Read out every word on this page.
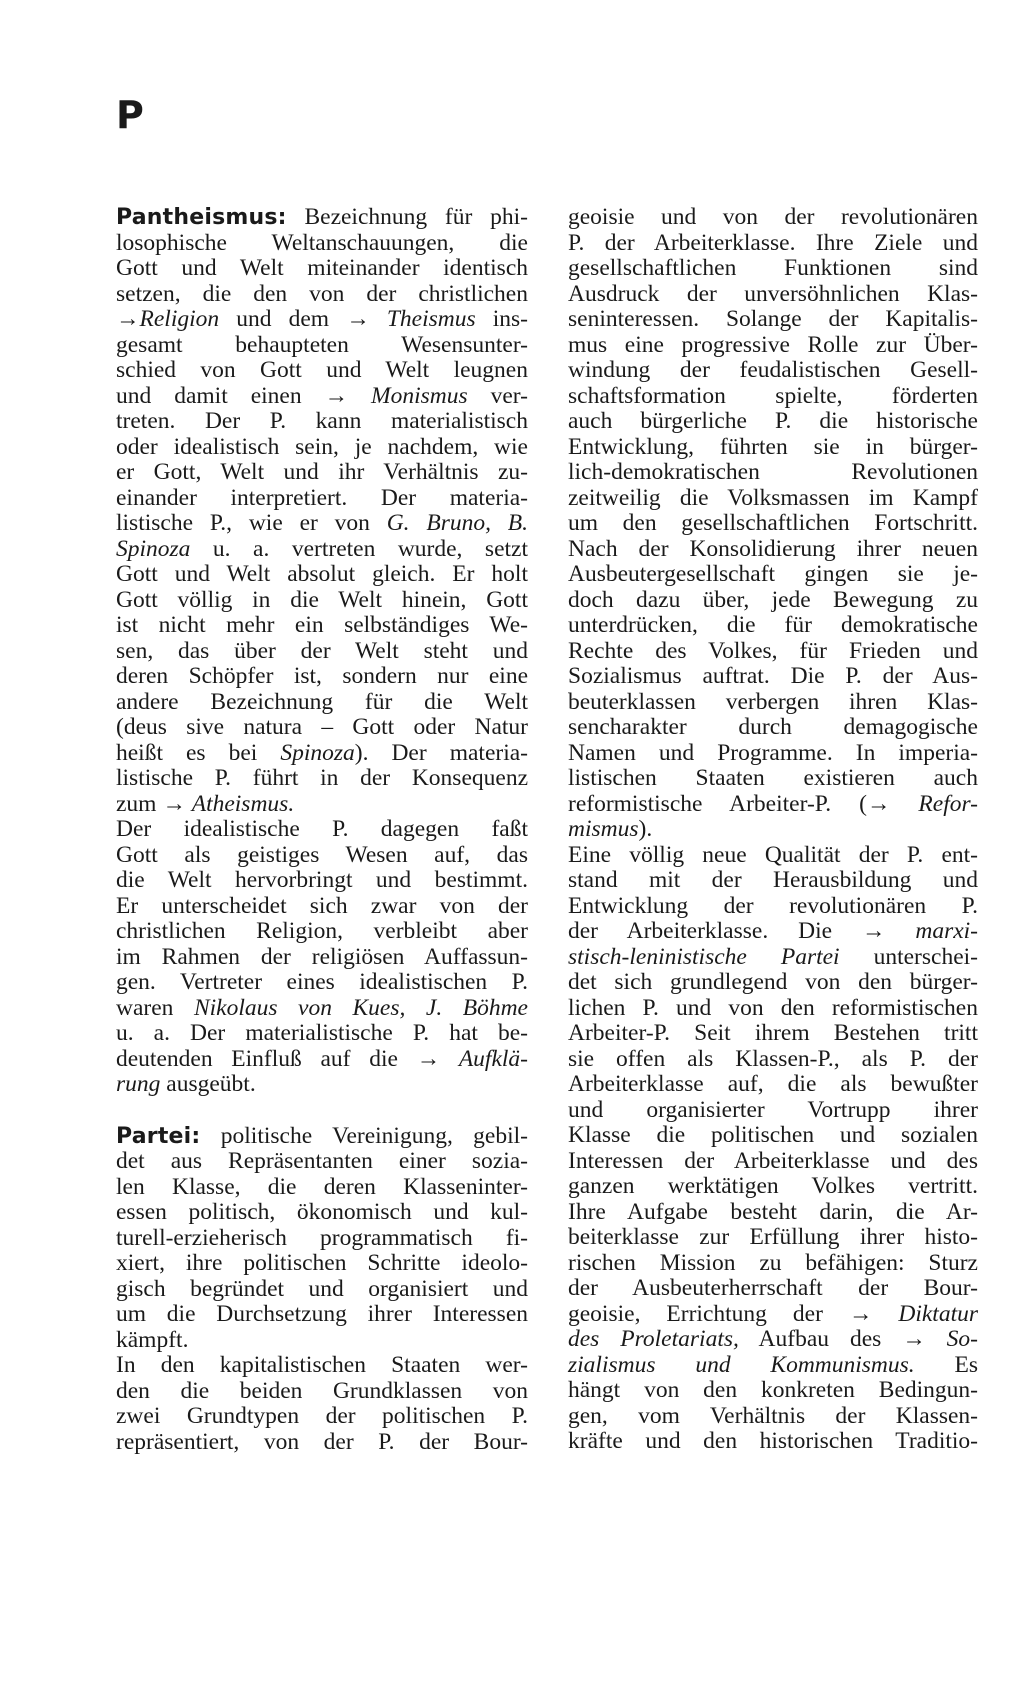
P
Pantheismus: Bezeichnung für phi-
losophische Weltanschauungen, die
Gott und Welt miteinander identisch
setzen, die den von der christlichen
→Religion und dem → Theismus ins-
gesamt behaupteten Wesensunter-
schied von Gott und Welt leugnen
und damit einen → Monismus ver-
treten. Der P. kann materialistisch
oder idealistisch sein, je nachdem, wie
er Gott, Welt und ihr Verhältnis zu-
einander interpretiert. Der materia-
listische P., wie er von G. Bruno, B.
Spinoza u. a. vertreten wurde, setzt
Gott und Welt absolut gleich. Er holt
Gott völlig in die Welt hinein, Gott
ist nicht mehr ein selbständiges We-
sen, das über der Welt steht und
deren Schöpfer ist, sondern nur eine
andere Bezeichnung für die Welt
(deus sive natura – Gott oder Natur
heißt es bei Spinoza). Der materia-
listische P. führt in der Konsequenz
zum → Atheismus.
Der idealistische P. dagegen faßt
Gott als geistiges Wesen auf, das
die Welt hervorbringt und bestimmt.
Er unterscheidet sich zwar von der
christlichen Religion, verbleibt aber
im Rahmen der religiösen Auffassun-
gen. Vertreter eines idealistischen P.
waren Nikolaus von Kues, J. Böhme
u. a. Der materialistische P. hat be-
deutenden Einfluß auf die → Aufklä-
rung ausgeübt.
Partei: politische Vereinigung, gebil-
det aus Repräsentanten einer sozia-
len Klasse, die deren Klasseninter-
essen politisch, ökonomisch und kul-
turell-erzieherisch programmatisch fi-
xiert, ihre politischen Schritte ideolo-
gisch begründet und organisiert und
um die Durchsetzung ihrer Interessen
kämpft.
In den kapitalistischen Staaten wer-
den die beiden Grundklassen von
zwei Grundtypen der politischen P.
repräsentiert, von der P. der Bour-
geoisie und von der revolutionären
P. der Arbeiterklasse. Ihre Ziele und
gesellschaftlichen Funktionen sind
Ausdruck der unversöhnlichen Klas-
seninteressen. Solange der Kapitalis-
mus eine progressive Rolle zur Über-
windung der feudalistischen Gesell-
schaftsformation spielte, förderten
auch bürgerliche P. die historische
Entwicklung, führten sie in bürger-
lich-demokratischen Revolutionen
zeitweilig die Volksmassen im Kampf
um den gesellschaftlichen Fortschritt.
Nach der Konsolidierung ihrer neuen
Ausbeutergesellschaft gingen sie je-
doch dazu über, jede Bewegung zu
unterdrücken, die für demokratische
Rechte des Volkes, für Frieden und
Sozialismus auftrat. Die P. der Aus-
beuterklassen verbergen ihren Klas-
sencharakter durch demagogische
Namen und Programme. In imperia-
listischen Staaten existieren auch
reformistische Arbeiter-P. (→ Refor-
mismus).
Eine völlig neue Qualität der P. ent-
stand mit der Herausbildung und
Entwicklung der revolutionären P.
der Arbeiterklasse. Die → marxi-
stisch-leninistische Partei unterschei-
det sich grundlegend von den bürger-
lichen P. und von den reformistischen
Arbeiter-P. Seit ihrem Bestehen tritt
sie offen als Klassen-P., als P. der
Arbeiterklasse auf, die als bewußter
und organisierter Vortrupp ihrer
Klasse die politischen und sozialen
Interessen der Arbeiterklasse und des
ganzen werktätigen Volkes vertritt.
Ihre Aufgabe besteht darin, die Ar-
beiterklasse zur Erfüllung ihrer histo-
rischen Mission zu befähigen: Sturz
der Ausbeuterherrschaft der Bour-
geoisie, Errichtung der → Diktatur
des Proletariats, Aufbau des → So-
zialismus und Kommunismus. Es
hängt von den konkreten Bedingun-
gen, vom Verhältnis der Klassen-
kräfte und den historischen Traditio-
